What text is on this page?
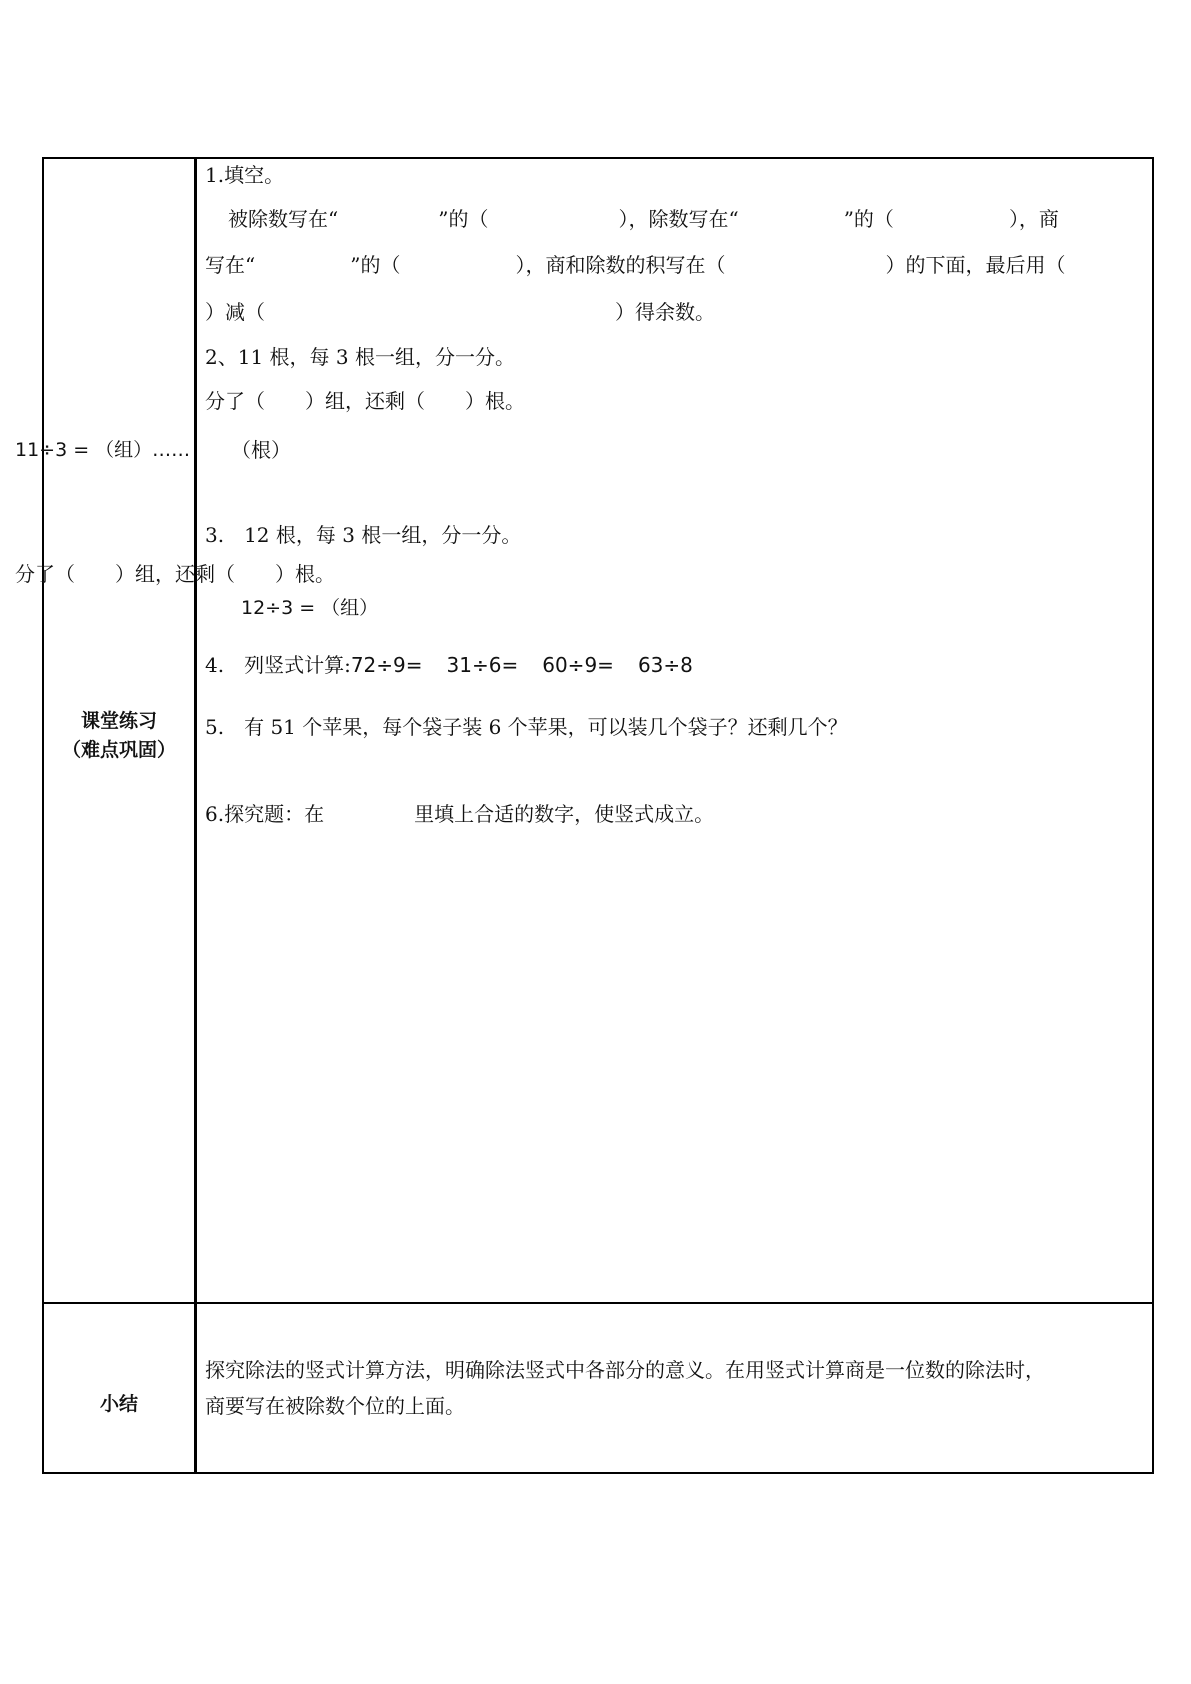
课堂练习
（难点巩固）
小结
1.填空。
被除数写在“	”的（	），除数写在“	”的（	），商
写在“	”的（	），商和除数的积写在（	）的下面，最后用（
）减（	）得余数。
2、11 根，每 3 根一组，分一分。
分了（　　）组，还剩（　　）根。
11÷3 = （组）…… （根）
3.　12 根，每 3 根一组，分一分。
分了（　　）组，还剩（　　）根。
12÷3 = （组）
4.　列竖式计算:72÷9= 31÷6= 60÷9= 63÷8
5.　有 51 个苹果，每个袋子装 6 个苹果，可以装几个袋子？还剩几个？
6.探究题：在	里填上合适的数字，使竖式成立。
探究除法的竖式计算方法，明确除法竖式中各部分的意义。在用竖式计算商是一位数的除法时，
商要写在被除数个位的上面。
